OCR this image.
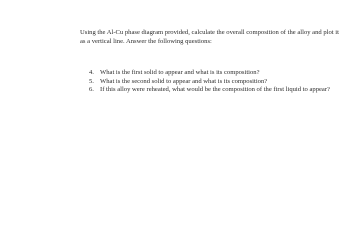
Using the Al-Cu phase diagram provided, calculate the overall composition of the alloy and plot it as a vertical line. Answer the following questions:

4. What is the first solid to appear and what is its composition?
5. What is the second solid to appear and what is its composition?
6. If this alloy were reheated, what would be the composition of the first liquid to appear?
